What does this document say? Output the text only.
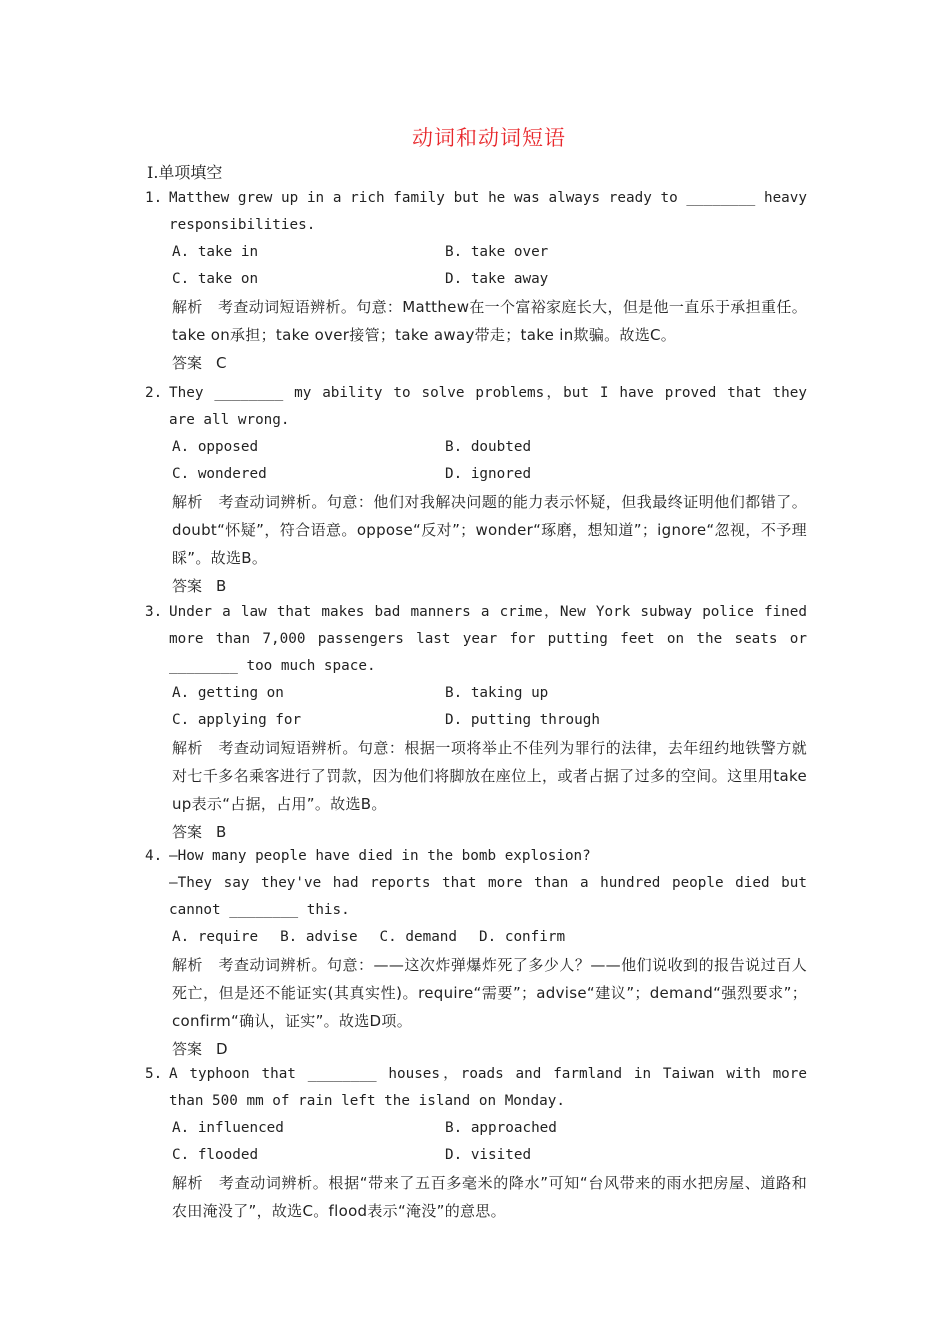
动词和动词短语
Ⅰ.单项填空
1. Matthew grew up in a rich family but he was always ready to ________ heavy responsibilities.
A. take in	B. take over
C. take on	D. take away
解析　考查动词短语辨析。句意：Matthew在一个富裕家庭长大，但是他一直乐于承担重任。take on承担；take over接管；take away带走；take in欺骗。故选C。
答案 C
2. They ________ my ability to solve problems，but I have proved that they are all wrong.
A. opposed	B. doubted
C. wondered	D. ignored
解析　考查动词辨析。句意：他们对我解决问题的能力表示怀疑，但我最终证明他们都错了。doubt“怀疑”，符合语意。oppose“反对”；wonder“琢磨，想知道”；ignore“忽视，不予理睬”。故选B。
答案 B
3. Under a law that makes bad manners a crime，New York subway police fined more than 7,000 passengers last year for putting feet on the seats or ________ too much space.
A. getting on	B. taking up
C. applying for	D. putting through
解析　考查动词短语辨析。句意：根据一项将举止不佳列为罪行的法律，去年纽约地铁警方就对七千多名乘客进行了罚款，因为他们将脚放在座位上，或者占据了过多的空间。这里用take up表示“占据，占用”。故选B。
答案 B
4. —How many people have died in the bomb explosion?
—They say they've had reports that more than a hundred people died but cannot ________ this.
A. require B. advise C. demand D. confirm
解析　考查动词辨析。句意：——这次炸弹爆炸死了多少人？——他们说收到的报告说过百人死亡，但是还不能证实(其真实性)。require“需要”；advise“建议”；demand“强烈要求”；confirm“确认，证实”。故选D项。
答案 D
5. A typhoon that ________ houses，roads and farmland in Taiwan with more than 500 mm of rain left the island on Monday.
A. influenced	B. approached
C. flooded	D. visited
解析　考查动词辨析。根据“带来了五百多毫米的降水”可知“台风带来的雨水把房屋、道路和农田淹没了”，故选C。flood表示“淹没”的意思。
